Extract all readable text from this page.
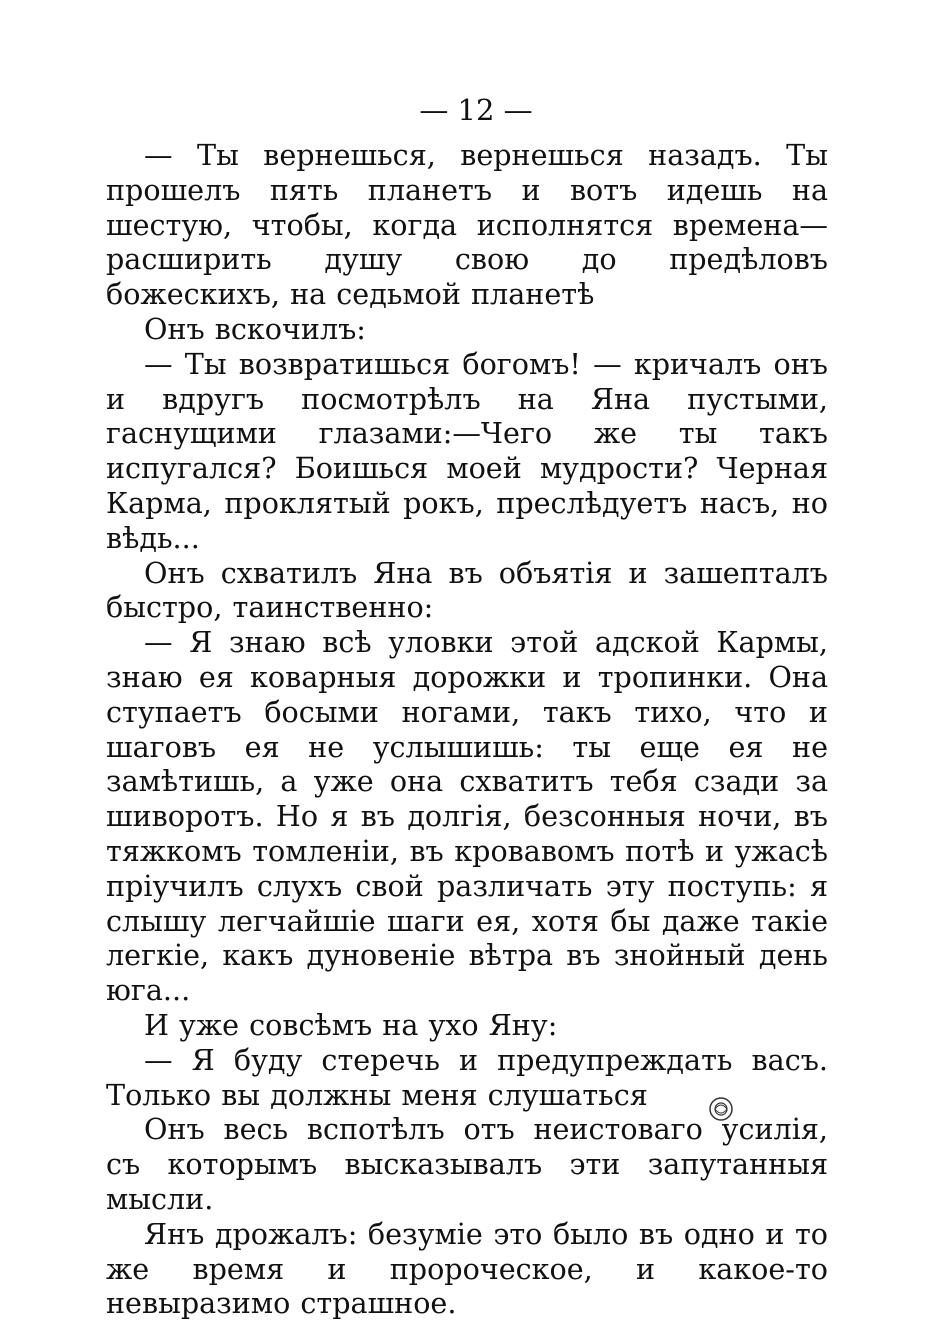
— 12 —

— Ты вернешься, вернешься назадъ. Ты прошелъ пять планетъ и вотъ идешь на шестую, чтобы, когда исполнятся времена—расширить душу свою до предѣловъ божескихъ, на седьмой планетѣ

Онъ вскочилъ:

— Ты возвратишься богомъ! — кричалъ онъ и вдругъ посмотрѣлъ на Яна пустыми, гаснущими глазами:—Чего же ты такъ испугался? Боишься моей мудрости? Черная Карма, проклятый рокъ, преслѣдуетъ насъ, но вѣдь...

Онъ схватилъ Яна въ объятія и зашепталъ быстро, таинственно:

— Я знаю всѣ уловки этой адской Кармы, знаю ея коварныя дорожки и тропинки. Она ступаетъ босыми ногами, такъ тихо, что и шаговъ ея не услышишь: ты еще ея не замѣтишь, а уже она схватитъ тебя сзади за шиворотъ. Но я въ долгія, безсонныя ночи, въ тяжкомъ томленіи, въ кровавомъ потѣ и ужасѣ пріучилъ слухъ свой различать эту поступь: я слышу легчайшіе шаги ея, хотя бы даже такіе легкіе, какъ дуновеніе вѣтра въ знойный день юга...

И уже совсѣмъ на ухо Яну:

— Я буду стеречь и предупреждать васъ. Только вы должны меня слушаться

Онъ весь вспотѣлъ отъ неистоваго усилія, съ которымъ высказывалъ эти запутанныя мысли.

Янъ дрожалъ: безуміе это было въ одно и то же время и пророческое, и какое-то невыразимо страшное.
